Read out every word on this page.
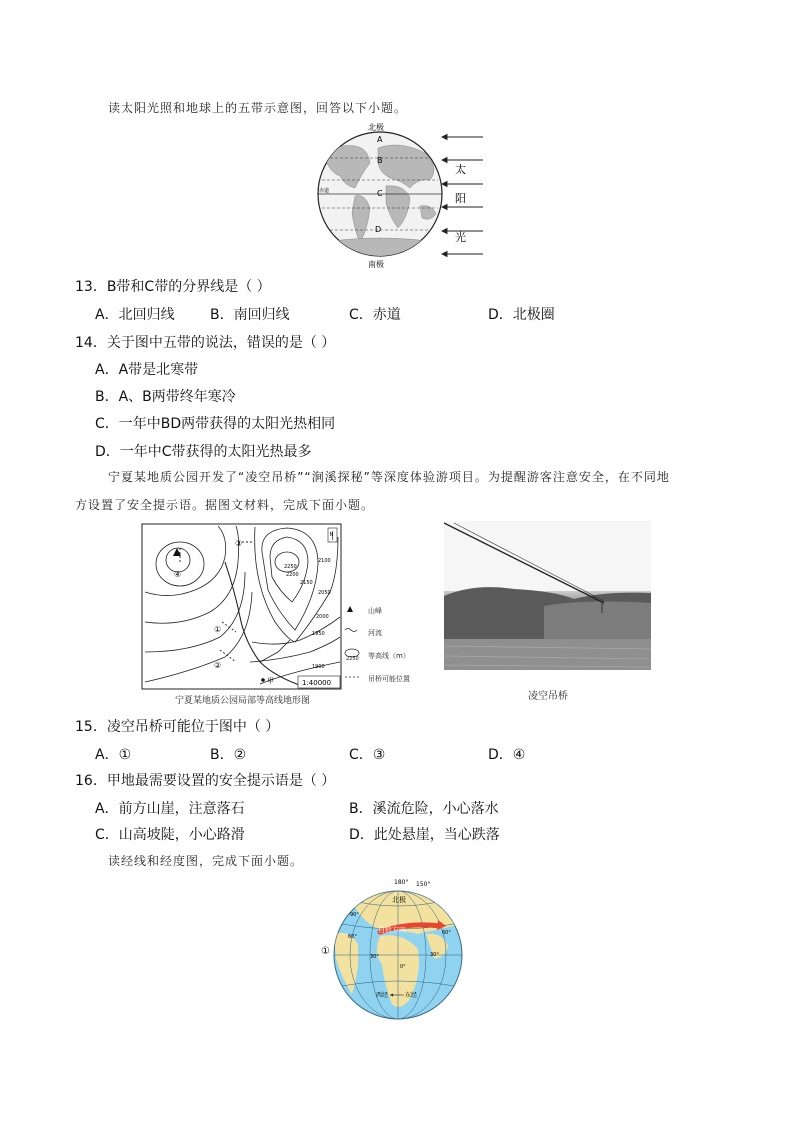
读太阳光照和地球上的五带示意图，回答以下小题。
北极
南极
A
B
C
D
赤道
太
阳
光
13．B带和C带的分界线是（ ）
A．北回归线	B．南回归线	C．赤道	D．北极圈
14．关于图中五带的说法，错误的是（ ）
A．A带是北寒带
B．A、B两带终年寒冷
C．一年中BD两带获得的太阳光热相同
D．一年中C带获得的太阳光热最多
宁夏某地质公园开发了“凌空吊桥”“涧溪探秘”等深度体验游项目。为提醒游客注意安全，在不同地
方设置了安全提示语。据图文材料，完成下面小题。
④
③
①
②
2250
2200
2150
2100
2050
2000
1950
1900
甲
N
1:40000
山峰
河流
2250 等高线（m）
吊桥可能位置
宁夏某地质公园局部等高线地形图	凌空吊桥
15．凌空吊桥可能位于图中（ ）
A．①	B．②	C．③	D．④
16．甲地最需要设置的安全提示语是（ ）
A．前方山崖，注意落石	B．溪流危险，小心落水
C．山高坡陡，小心路滑	D．此处悬崖，当心跌落
读经线和经度图，完成下面小题。
自转方向
北极
180° 150°
90°
60°
30°
0°
60°
30°
①
西经	东经
